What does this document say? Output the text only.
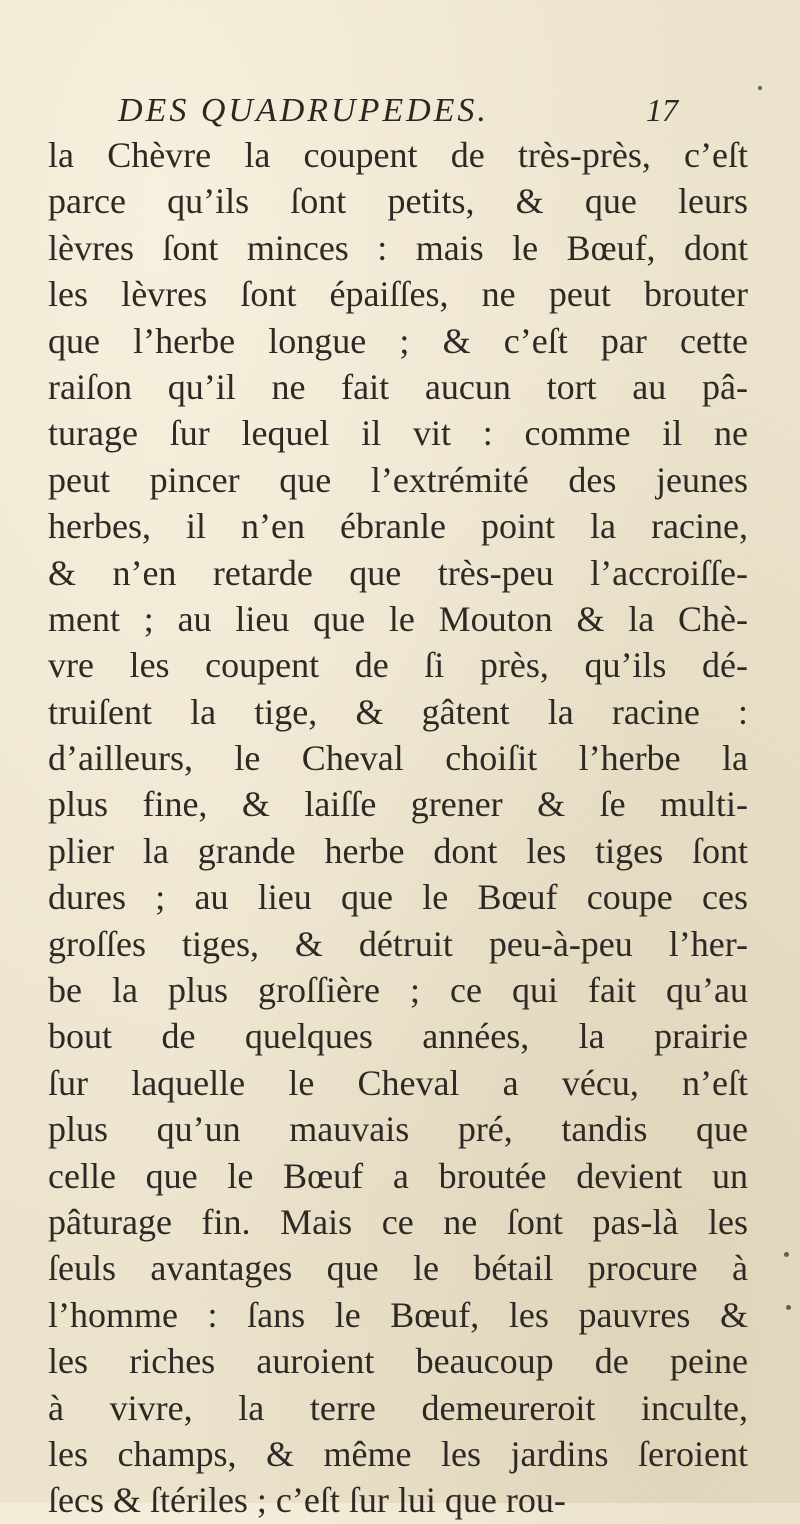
DES QUADRUPEDES.	17
la Chèvre la coupent de très-près, c’eſt
parce qu’ils ſont petits, & que leurs
lèvres ſont minces : mais le Bœuf, dont
les lèvres ſont épaiſſes, ne peut brouter
que l’herbe longue ; & c’eſt par cette
raiſon qu’il ne fait aucun tort au pâ-
turage ſur lequel il vit : comme il ne
peut pincer que l’extrémité des jeunes
herbes, il n’en ébranle point la racine,
& n’en retarde que très-peu l’accroiſſe-
ment ; au lieu que le Mouton & la Chè-
vre les coupent de ſi près, qu’ils dé-
truiſent la tige, & gâtent la racine :
d’ailleurs, le Cheval choiſit l’herbe la
plus fine, & laiſſe grener & ſe multi-
plier la grande herbe dont les tiges ſont
dures ; au lieu que le Bœuf coupe ces
groſſes tiges, & détruit peu-à-peu l’her-
be la plus groſſière ; ce qui fait qu’au
bout de quelques années, la prairie
ſur laquelle le Cheval a vécu, n’eſt
plus qu’un mauvais pré, tandis que
celle que le Bœuf a broutée devient un
pâturage fin. Mais ce ne ſont pas-là les
ſeuls avantages que le bétail procure à
l’homme : ſans le Bœuf, les pauvres &
les riches auroient beaucoup de peine
à vivre, la terre demeureroit inculte,
les champs, & même les jardins ſeroient
ſecs & ſtériles ; c’eſt ſur lui que rou-
